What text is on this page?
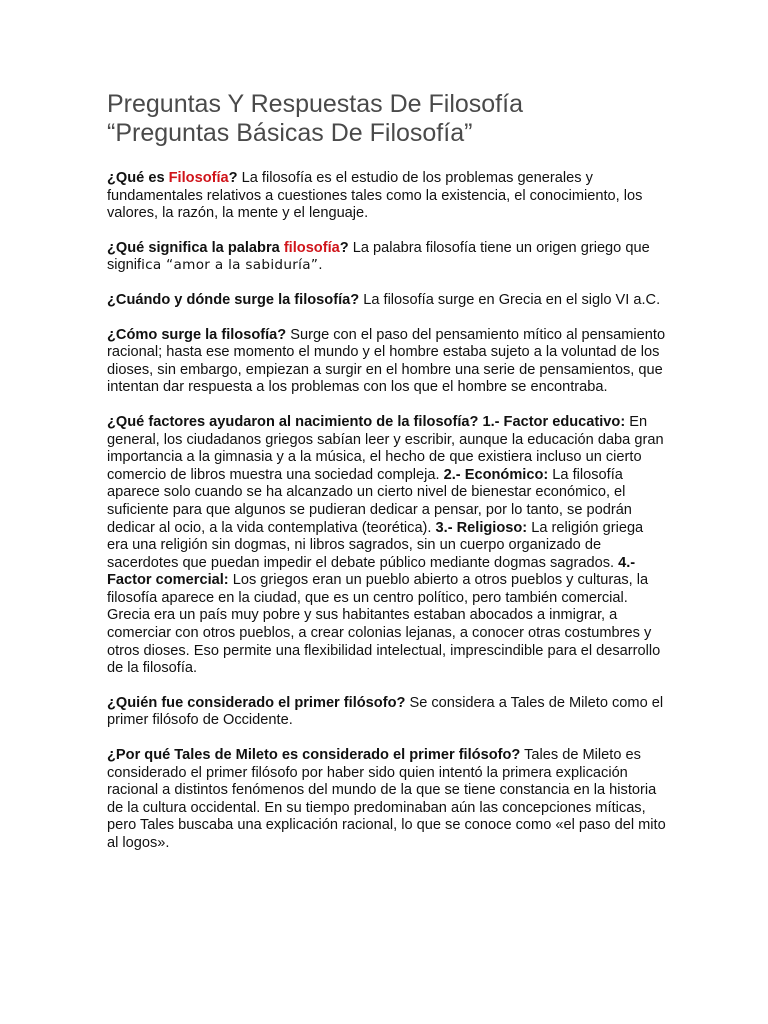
Preguntas Y Respuestas De Filosofía
“Preguntas Básicas De Filosofía”

¿Qué es Filosofía? La filosofía es el estudio de los problemas generales y fundamentales relativos a cuestiones tales como la existencia, el conocimiento, los valores, la razón, la mente y el lenguaje.

¿Qué significa la palabra filosofía? La palabra filosofía tiene un origen griego que significa “amor a la sabiduría”.

¿Cuándo y dónde surge la filosofía? La filosofía surge en Grecia en el siglo VI a.C.

¿Cómo surge la filosofía? Surge con el paso del pensamiento mítico al pensamiento racional; hasta ese momento el mundo y el hombre estaba sujeto a la voluntad de los dioses, sin embargo, empiezan a surgir en el hombre una serie de pensamientos, que intentan dar respuesta a los problemas con los que el hombre se encontraba.

¿Qué factores ayudaron al nacimiento de la filosofía? 1.- Factor educativo: En general, los ciudadanos griegos sabían leer y escribir, aunque la educación daba gran importancia a la gimnasia y a la música, el hecho de que existiera incluso un cierto comercio de libros muestra una sociedad compleja. 2.- Económico: La filosofía aparece solo cuando se ha alcanzado un cierto nivel de bienestar económico, el suficiente para que algunos se pudieran dedicar a pensar, por lo tanto, se podrán dedicar al ocio, a la vida contemplativa (teorética). 3.- Religioso: La religión griega era una religión sin dogmas, ni libros sagrados, sin un cuerpo organizado de sacerdotes que puedan impedir el debate público mediante dogmas sagrados. 4.- Factor comercial: Los griegos eran un pueblo abierto a otros pueblos y culturas, la filosofía aparece en la ciudad, que es un centro político, pero también comercial. Grecia era un país muy pobre y sus habitantes estaban abocados a inmigrar, a comerciar con otros pueblos, a crear colonias lejanas, a conocer otras costumbres y otros dioses. Eso permite una flexibilidad intelectual, imprescindible para el desarrollo de la filosofía.

¿Quién fue considerado el primer filósofo? Se considera a Tales de Mileto como el primer filósofo de Occidente.

¿Por qué Tales de Mileto es considerado el primer filósofo? Tales de Mileto es considerado el primer filósofo por haber sido quien intentó la primera explicación racional a distintos fenómenos del mundo de la que se tiene constancia en la historia de la cultura occidental. En su tiempo predominaban aún las concepciones míticas, pero Tales buscaba una explicación racional, lo que se conoce como «el paso del mito al logos».
